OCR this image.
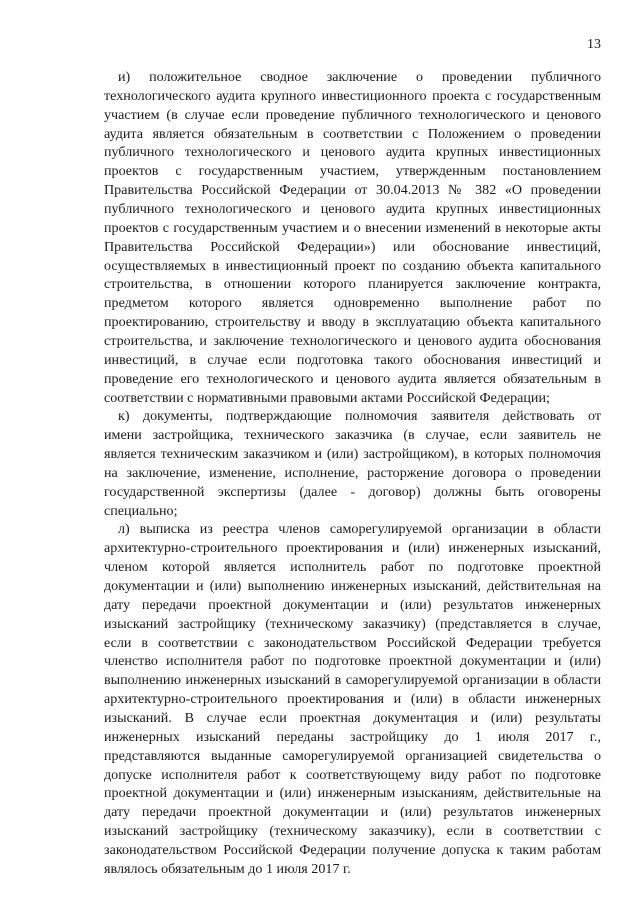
13
и) положительное сводное заключение о проведении публичного
технологического аудита крупного инвестиционного проекта с государственным
участием (в случае если проведение публичного технологического и ценового
аудита является обязательным в соответствии с Положением о проведении
публичного технологического и ценового аудита крупных инвестиционных
проектов с государственным участием, утвержденным постановлением
Правительства Российской Федерации от 30.04.2013 № 382 «О проведении
публичного технологического и ценового аудита крупных инвестиционных
проектов с государственным участием и о внесении изменений в некоторые акты
Правительства Российской Федерации») или обоснование инвестиций,
осуществляемых в инвестиционный проект по созданию объекта капитального
строительства, в отношении которого планируется заключение контракта,
предметом которого является одновременно выполнение работ по
проектированию, строительству и вводу в эксплуатацию объекта капитального
строительства, и заключение технологического и ценового аудита обоснования
инвестиций, в случае если подготовка такого обоснования инвестиций и
проведение его технологического и ценового аудита является обязательным в
соответствии с нормативными правовыми актами Российской Федерации;
к) документы, подтверждающие полномочия заявителя действовать от
имени застройщика, технического заказчика (в случае, если заявитель не
является техническим заказчиком и (или) застройщиком), в которых полномочия
на заключение, изменение, исполнение, расторжение договора о проведении
государственной экспертизы (далее - договор) должны быть оговорены
специально;
л) выписка из реестра членов саморегулируемой организации в области
архитектурно-строительного проектирования и (или) инженерных изысканий,
членом которой является исполнитель работ по подготовке проектной
документации и (или) выполнению инженерных изысканий, действительная на
дату передачи проектной документации и (или) результатов инженерных
изысканий застройщику (техническому заказчику) (представляется в случае,
если в соответствии с законодательством Российской Федерации требуется
членство исполнителя работ по подготовке проектной документации и (или)
выполнению инженерных изысканий в саморегулируемой организации в области
архитектурно-строительного проектирования и (или) в области инженерных
изысканий. В случае если проектная документация и (или) результаты
инженерных изысканий переданы застройщику до 1 июля 2017 г.,
представляются выданные саморегулируемой организацией свидетельства о
допуске исполнителя работ к соответствующему виду работ по подготовке
проектной документации и (или) инженерным изысканиям, действительные на
дату передачи проектной документации и (или) результатов инженерных
изысканий застройщику (техническому заказчику), если в соответствии с
законодательством Российской Федерации получение допуска к таким работам
являлось обязательным до 1 июля 2017 г.
